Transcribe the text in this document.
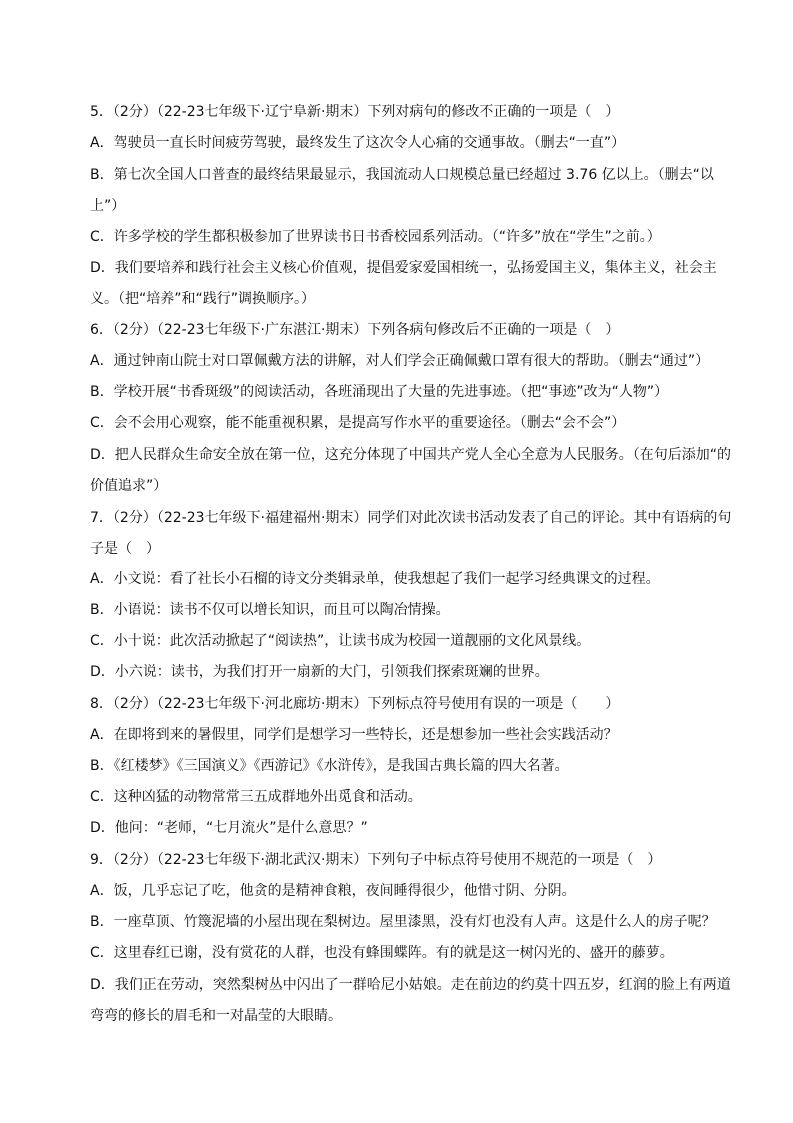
5．（2分）（22-23七年级下·辽宁阜新·期末）下列对病句的修改不正确的一项是（　）
A．驾驶员一直长时间疲劳驾驶，最终发生了这次令人心痛的交通事故。（删去“一直”）
B．第七次全国人口普查的最终结果最显示，我国流动人口规模总量已经超过 3.76 亿以上。（删去“以上”）
C．许多学校的学生都积极参加了世界读书日书香校园系列活动。（“许多”放在“学生”之前。）
D．我们要培养和践行社会主义核心价值观，提倡爱家爱国相统一，弘扬爱国主义，集体主义，社会主义。（把“培养”和“践行”调换顺序。）
6．（2分）（22-23七年级下·广东湛江·期末）下列各病句修改后不正确的一项是（　）
A．通过钟南山院士对口罩佩戴方法的讲解，对人们学会正确佩戴口罩有很大的帮助。（删去“通过”）
B．学校开展“书香斑级”的阅读活动，各班涌现出了大量的先进事迹。（把“事迹”改为“人物”）
C．会不会用心观察，能不能重视积累，是提高写作水平的重要途径。（删去“会不会”）
D．把人民群众生命安全放在第一位，这充分体现了中国共产党人全心全意为人民服务。（在句后添加“的价值追求”）
7．（2分）（22-23七年级下·福建福州·期末）同学们对此次读书活动发表了自己的评论。其中有语病的句子是（　）
A．小文说：看了社长小石榴的诗文分类辑录单，使我想起了我们一起学习经典课文的过程。
B．小语说：读书不仅可以增长知识，而且可以陶冶情操。
C．小十说：此次活动掀起了“阅读热”，让读书成为校园一道靓丽的文化风景线。
D．小六说：读书，为我们打开一扇新的大门，引领我们探索斑斓的世界。
8．（2分）（22-23七年级下·河北廊坊·期末）下列标点符号使用有误的一项是（　　）
A．在即将到来的暑假里，同学们是想学习一些特长，还是想参加一些社会实践活动？
B．《红楼梦》《三国演义》《西游记》《水浒传》，是我国古典长篇的四大名著。
C．这种凶猛的动物常常三五成群地外出觅食和活动。
D．他问：“老师，“七月流火”是什么意思？”
9．（2分）（22-23七年级下·湖北武汉·期末）下列句子中标点符号使用不规范的一项是（　）
A．饭，几乎忘记了吃，他贪的是精神食粮，夜间睡得很少，他惜寸阴、分阴。
B．一座草顶、竹篾泥墙的小屋出现在梨树边。屋里漆黑，没有灯也没有人声。这是什么人的房子呢？
C．这里春红已谢，没有赏花的人群，也没有蜂围蝶阵。有的就是这一树闪光的、盛开的藤萝。
D．我们正在劳动，突然梨树丛中闪出了一群哈尼小姑娘。走在前边的约莫十四五岁，红润的脸上有两道弯弯的修长的眉毛和一对晶莹的大眼睛。
